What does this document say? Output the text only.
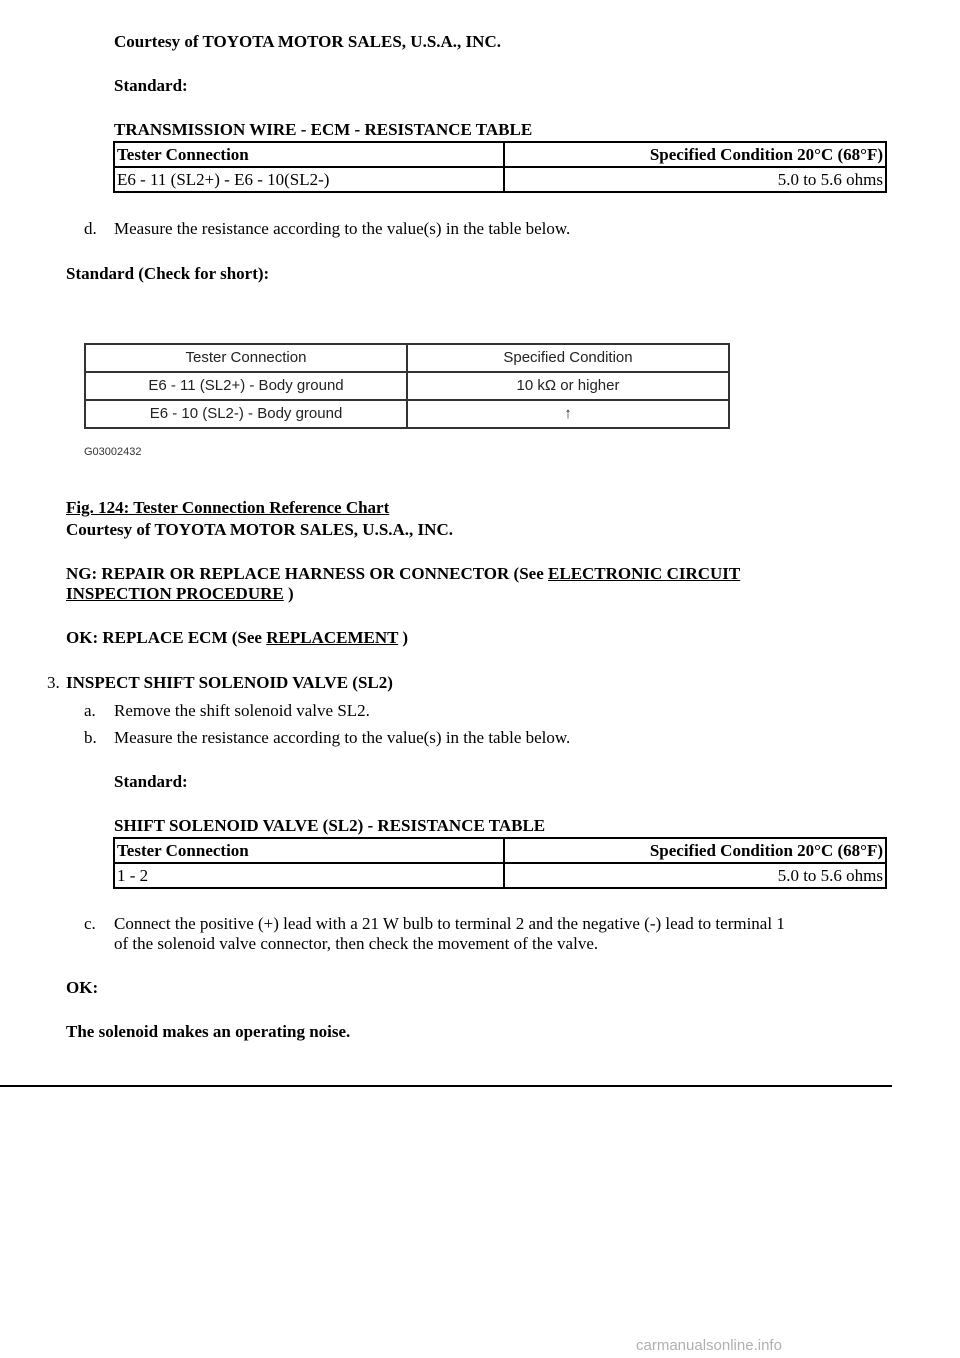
Courtesy of TOYOTA MOTOR SALES, U.S.A., INC.
Standard:
TRANSMISSION WIRE - ECM - RESISTANCE TABLE
Tester Connection	Specified Condition 20°C (68°F)
E6 - 11 (SL2+) - E6 - 10(SL2-)	5.0 to 5.6 ohms
d. Measure the resistance according to the value(s) in the table below.
Standard (Check for short):
Tester Connection	Specified Condition
E6 - 11 (SL2+) - Body ground	10 kΩ or higher
E6 - 10 (SL2-) - Body ground	↑
G03002432
Fig. 124: Tester Connection Reference Chart
Courtesy of TOYOTA MOTOR SALES, U.S.A., INC.
NG: REPAIR OR REPLACE HARNESS OR CONNECTOR (See ELECTRONIC CIRCUIT
INSPECTION PROCEDURE )
OK: REPLACE ECM (See REPLACEMENT )
3. INSPECT SHIFT SOLENOID VALVE (SL2)
a. Remove the shift solenoid valve SL2.
b. Measure the resistance according to the value(s) in the table below.
Standard:
SHIFT SOLENOID VALVE (SL2) - RESISTANCE TABLE
Tester Connection	Specified Condition 20°C (68°F)
1 - 2	5.0 to 5.6 ohms
c. Connect the positive (+) lead with a 21 W bulb to terminal 2 and the negative (-) lead to terminal 1
of the solenoid valve connector, then check the movement of the valve.
OK:
The solenoid makes an operating noise.
carmanualsonline.info
